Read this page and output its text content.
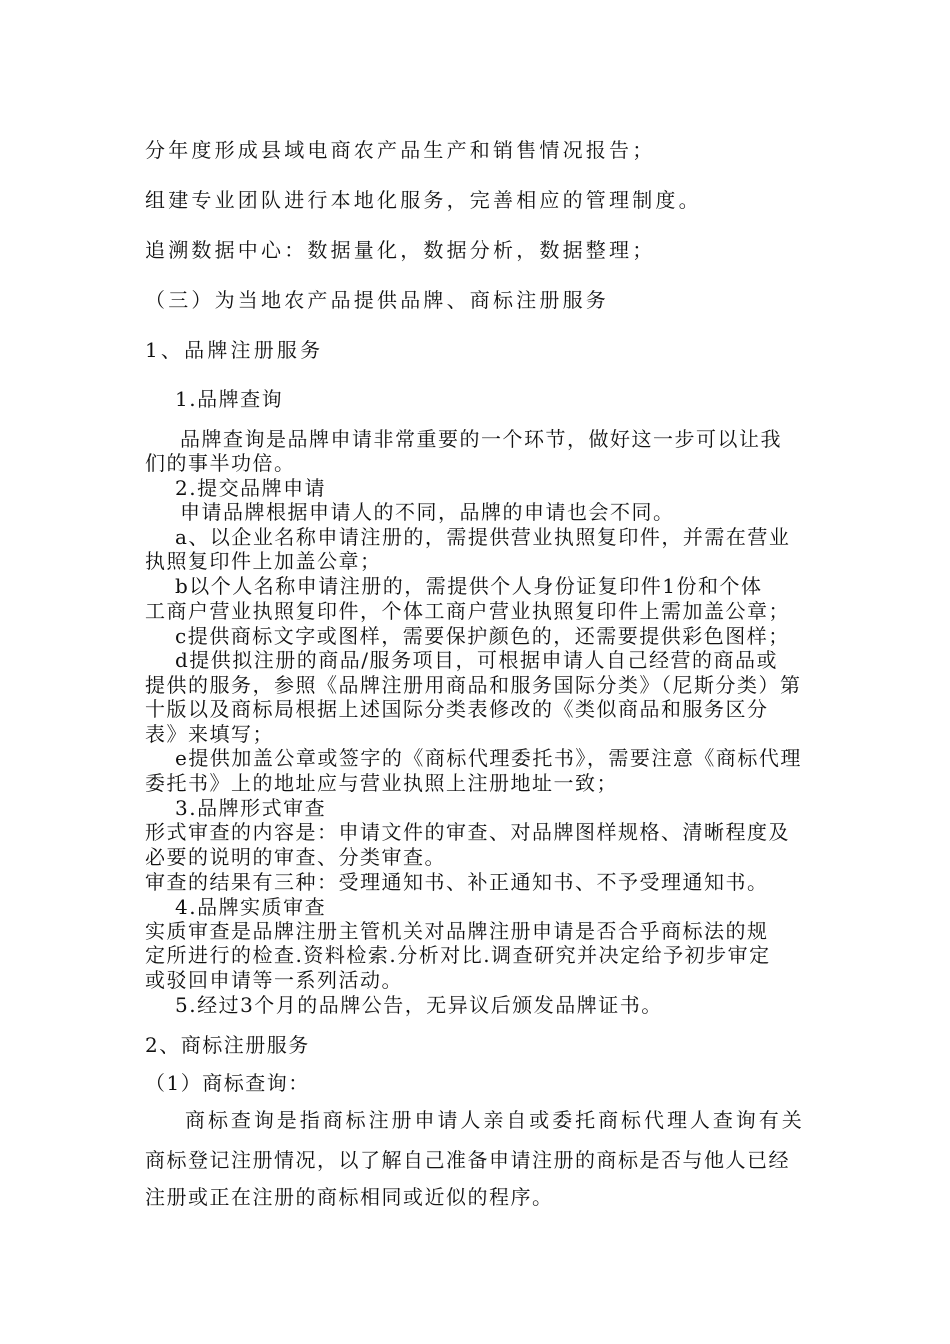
分年度形成县域电商农产品生产和销售情况报告；
组建专业团队进行本地化服务，完善相应的管理制度。
追溯数据中心：数据量化，数据分析，数据整理；
（三）为当地农产品提供品牌、商标注册服务
1、品牌注册服务
1.品牌查询
品牌查询是品牌申请非常重要的一个环节，做好这一步可以让我
们的事半功倍。
2.提交品牌申请
申请品牌根据申请人的不同，品牌的申请也会不同。
a、以企业名称申请注册的，需提供营业执照复印件，并需在营业
执照复印件上加盖公章；
b以个人名称申请注册的，需提供个人身份证复印件1份和个体
工商户营业执照复印件，个体工商户营业执照复印件上需加盖公章；
c提供商标文字或图样，需要保护颜色的，还需要提供彩色图样；
d提供拟注册的商品/服务项目，可根据申请人自己经营的商品或
提供的服务，参照《品牌注册用商品和服务国际分类》（尼斯分类）第
十版以及商标局根据上述国际分类表修改的《类似商品和服务区分
表》来填写；
e提供加盖公章或签字的《商标代理委托书》，需要注意《商标代理
委托书》上的地址应与营业执照上注册地址一致；
3.品牌形式审查
形式审查的内容是：申请文件的审查、对品牌图样规格、清晰程度及
必要的说明的审查、分类审查。
审查的结果有三种：受理通知书、补正通知书、不予受理通知书。
4.品牌实质审查
实质审查是品牌注册主管机关对品牌注册申请是否合乎商标法的规
定所进行的检查.资料检索.分析对比.调查研究并决定给予初步审定
或驳回申请等一系列活动。
5.经过3个月的品牌公告，无异议后颁发品牌证书。
2、商标注册服务
（1）商标查询：
商标查询是指商标注册申请人亲自或委托商标代理人查询有关
商标登记注册情况，以了解自己准备申请注册的商标是否与他人已经
注册或正在注册的商标相同或近似的程序。
